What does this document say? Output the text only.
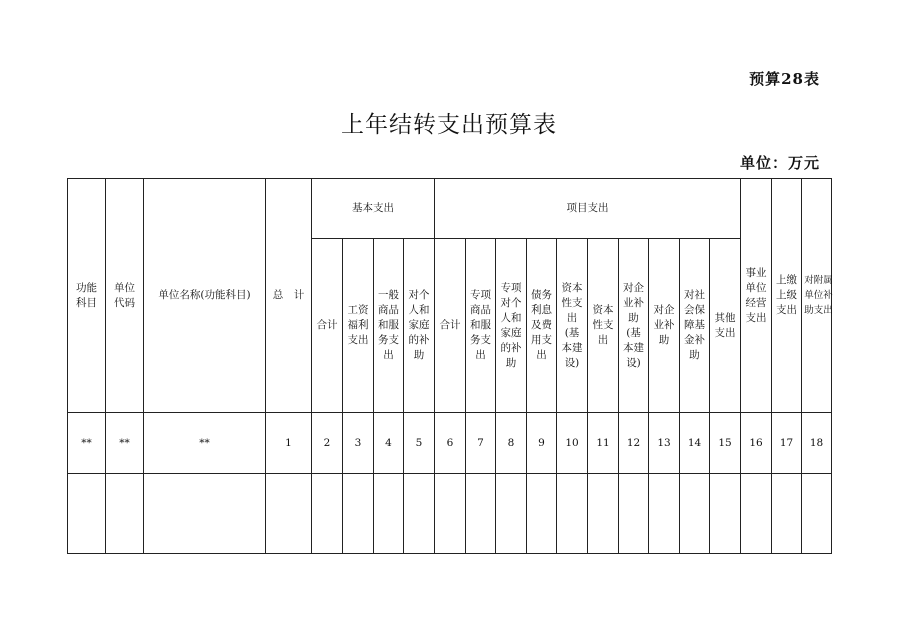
预算28表
上年结转支出预算表
单位：万元
功能科目	单位代码	单位名称(功能科目)	总　计	基本支出				项目支出										事业单位经营支出	上缴上级支出	对附属单位补助支出
				合计	工资福利支出	一般商品和服务支出	对个人和家庭的补助	合计	专项商品和服务支出	专项对个人和家庭的补助	债务利息及费用支出	资本性支出(基本建设)	资本性支出	对企业补助(基本建设)	对企业补助	对社会保障基金补助	其他支出			
**	**	**	1	2	3	4	5	6	7	8	9	10	11	12	13	14	15	16	17	18
